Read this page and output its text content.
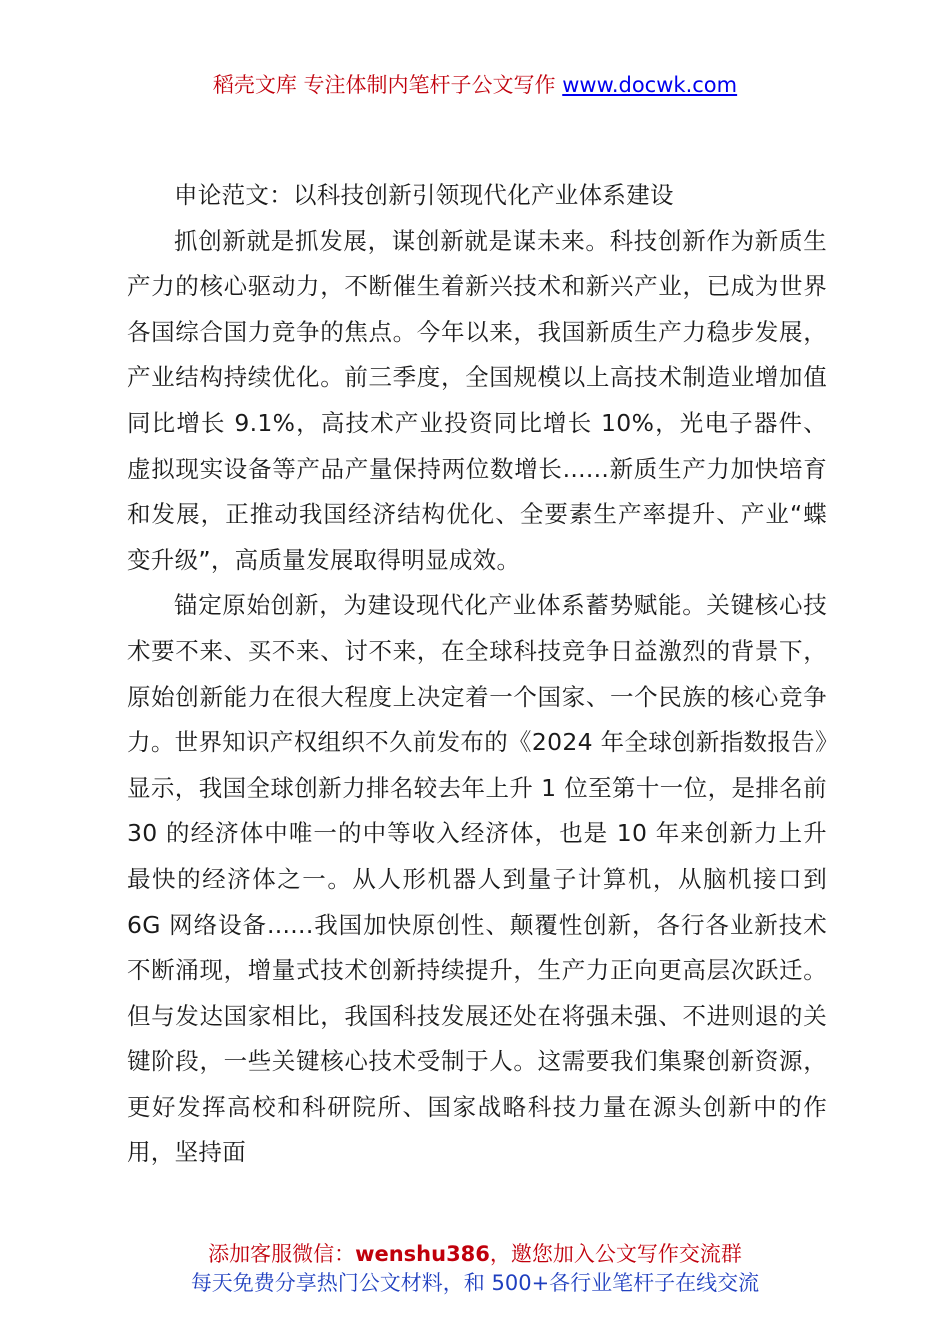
稻壳文库 专注体制内笔杆子公文写作 www.docwk.com

申论范文：以科技创新引领现代化产业体系建设

抓创新就是抓发展，谋创新就是谋未来。科技创新作为新质生产力的核心驱动力，不断催生着新兴技术和新兴产业，已成为世界各国综合国力竞争的焦点。今年以来，我国新质生产力稳步发展，产业结构持续优化。前三季度，全国规模以上高技术制造业增加值同比增长 9.1%，高技术产业投资同比增长 10%，光电子器件、虚拟现实设备等产品产量保持两位数增长......新质生产力加快培育和发展，正推动我国经济结构优化、全要素生产率提升、产业“蝶变升级”，高质量发展取得明显成效。

锚定原始创新，为建设现代化产业体系蓄势赋能。关键核心技术要不来、买不来、讨不来，在全球科技竞争日益激烈的背景下，原始创新能力在很大程度上决定着一个国家、一个民族的核心竞争力。世界知识产权组织不久前发布的《2024 年全球创新指数报告》显示，我国全球创新力排名较去年上升 1 位至第十一位，是排名前 30 的经济体中唯一的中等收入经济体，也是 10 年来创新力上升最快的经济体之一。从人形机器人到量子计算机，从脑机接口到 6G 网络设备......我国加快原创性、颠覆性创新，各行各业新技术不断涌现，增量式技术创新持续提升，生产力正向更高层次跃迁。但与发达国家相比，我国科技发展还处在将强未强、不进则退的关键阶段，一些关键核心技术受制于人。这需要我们集聚创新资源，更好发挥高校和科研院所、国家战略科技力量在源头创新中的作用，坚持面

添加客服微信：wenshu386，邀您加入公文写作交流群
每天免费分享热门公文材料，和 500+各行业笔杆子在线交流
